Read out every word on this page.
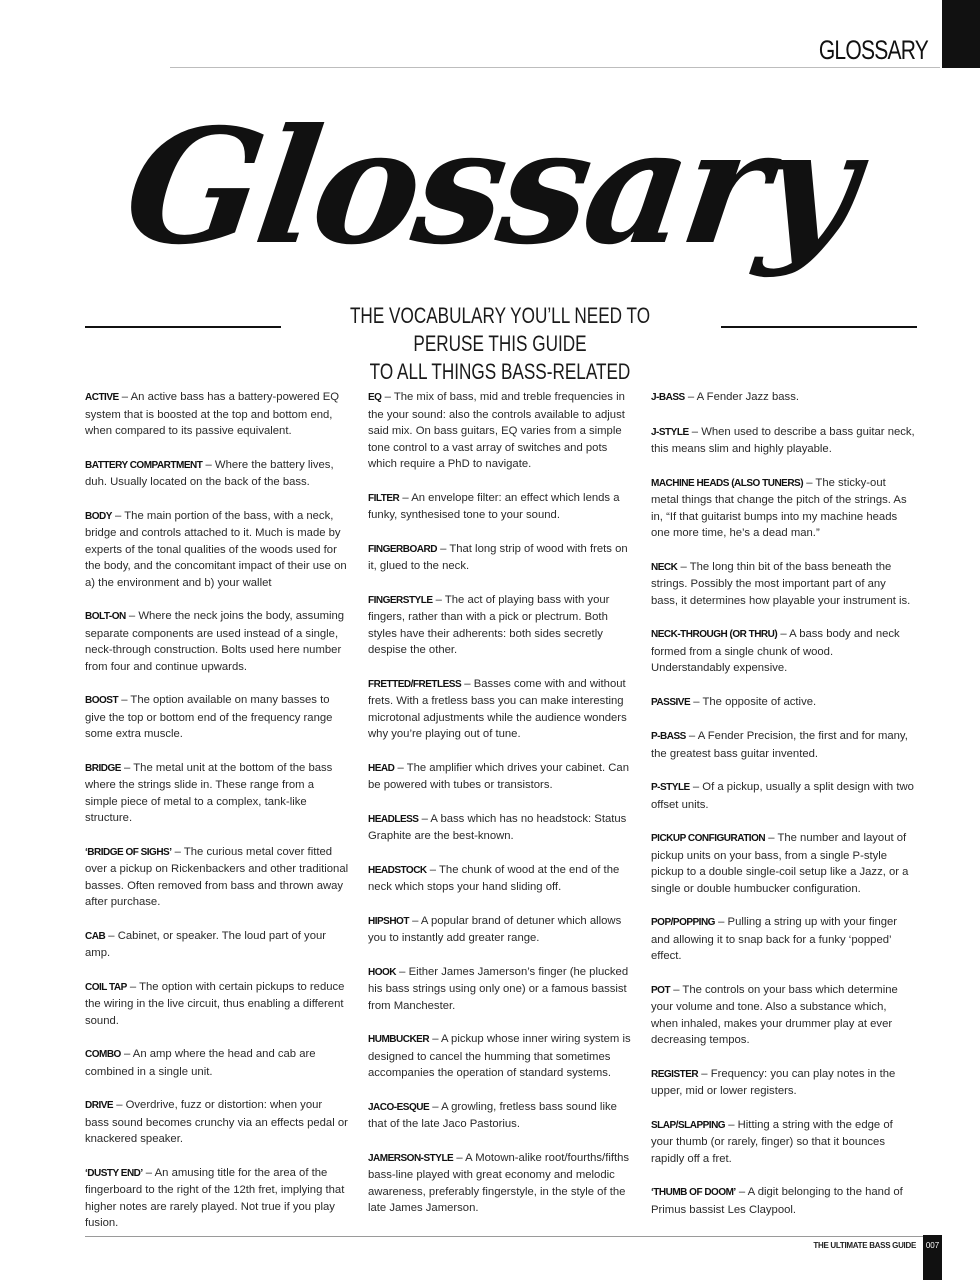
GLOSSARY
Glossary
THE VOCABULARY YOU’LL NEED TO PERUSE THIS GUIDE
TO ALL THINGS BASS-RELATED

ACTIVE – An active bass has a battery-powered EQ system that is boosted at the top and bottom end, when compared to its passive equivalent.

BATTERY COMPARTMENT – Where the battery lives, duh. Usually located on the back of the bass.

BODY – The main portion of the bass, with a neck, bridge and controls attached to it. Much is made by experts of the tonal qualities of the woods used for the body, and the concomitant impact of their use on a) the environment and b) your wallet

BOLT-ON – Where the neck joins the body, assuming separate components are used instead of a single, neck-through construction. Bolts used here number from four and continue upwards.

BOOST – The option available on many basses to give the top or bottom end of the frequency range some extra muscle.

BRIDGE – The metal unit at the bottom of the bass where the strings slide in. These range from a simple piece of metal to a complex, tank-like structure.

‘BRIDGE OF SIGHS’ – The curious metal cover fitted over a pickup on Rickenbackers and other traditional basses. Often removed from bass and thrown away after purchase.

CAB – Cabinet, or speaker. The loud part of your amp.

COIL TAP – The option with certain pickups to reduce the wiring in the live circuit, thus enabling a different sound.

COMBO – An amp where the head and cab are combined in a single unit.

DRIVE – Overdrive, fuzz or distortion: when your bass sound becomes crunchy via an effects pedal or knackered speaker.

‘DUSTY END’ – An amusing title for the area of the fingerboard to the right of the 12th fret, implying that higher notes are rarely played. Not true if you play fusion.

EQ – The mix of bass, mid and treble frequencies in the your sound: also the controls available to adjust said mix. On bass guitars, EQ varies from a simple tone control to a vast array of switches and pots which require a PhD to navigate.

FILTER – An envelope filter: an effect which lends a funky, synthesised tone to your sound.

FINGERBOARD – That long strip of wood with frets on it, glued to the neck.

FINGERSTYLE – The act of playing bass with your fingers, rather than with a pick or plectrum. Both styles have their adherents: both sides secretly despise the other.

FRETTED/FRETLESS – Basses come with and without frets. With a fretless bass you can make interesting microtonal adjustments while the audience wonders why you’re playing out of tune.

HEAD – The amplifier which drives your cabinet. Can be powered with tubes or transistors.

HEADLESS – A bass which has no headstock: Status Graphite are the best-known.

HEADSTOCK – The chunk of wood at the end of the neck which stops your hand sliding off.

HIPSHOT – A popular brand of detuner which allows you to instantly add greater range.

HOOK – Either James Jamerson’s finger (he plucked his bass strings using only one) or a famous bassist from Manchester.

HUMBUCKER – A pickup whose inner wiring system is designed to cancel the humming that sometimes accompanies the operation of standard systems.

JACO-ESQUE – A growling, fretless bass sound like that of the late Jaco Pastorius.

JAMERSON-STYLE – A Motown-alike root/fourths/fifths bass-line played with great economy and melodic awareness, preferably fingerstyle, in the style of the late James Jamerson.

J-BASS – A Fender Jazz bass.

J-STYLE – When used to describe a bass guitar neck, this means slim and highly playable.

MACHINE HEADS (ALSO TUNERS) – The sticky-out metal things that change the pitch of the strings. As in, “If that guitarist bumps into my machine heads one more time, he’s a dead man.”

NECK – The long thin bit of the bass beneath the strings. Possibly the most important part of any bass, it determines how playable your instrument is.

NECK-THROUGH (OR THRU) – A bass body and neck formed from a single chunk of wood. Understandably expensive.

PASSIVE – The opposite of active.

P-BASS – A Fender Precision, the first and for many, the greatest bass guitar invented.

P-STYLE – Of a pickup, usually a split design with two offset units.

PICKUP CONFIGURATION – The number and layout of pickup units on your bass, from a single P-style pickup to a double single-coil setup like a Jazz, or a single or double humbucker configuration.

POP/POPPING – Pulling a string up with your finger and allowing it to snap back for a funky ‘popped’ effect.

POT – The controls on your bass which determine your volume and tone. Also a substance which, when inhaled, makes your drummer play at ever decreasing tempos.

REGISTER – Frequency: you can play notes in the upper, mid or lower registers.

SLAP/SLAPPING – Hitting a string with the edge of your thumb (or rarely, finger) so that it bounces rapidly off a fret.

‘THUMB OF DOOM’ – A digit belonging to the hand of Primus bassist Les Claypool.

THE ULTIMATE BASS GUIDE	007
